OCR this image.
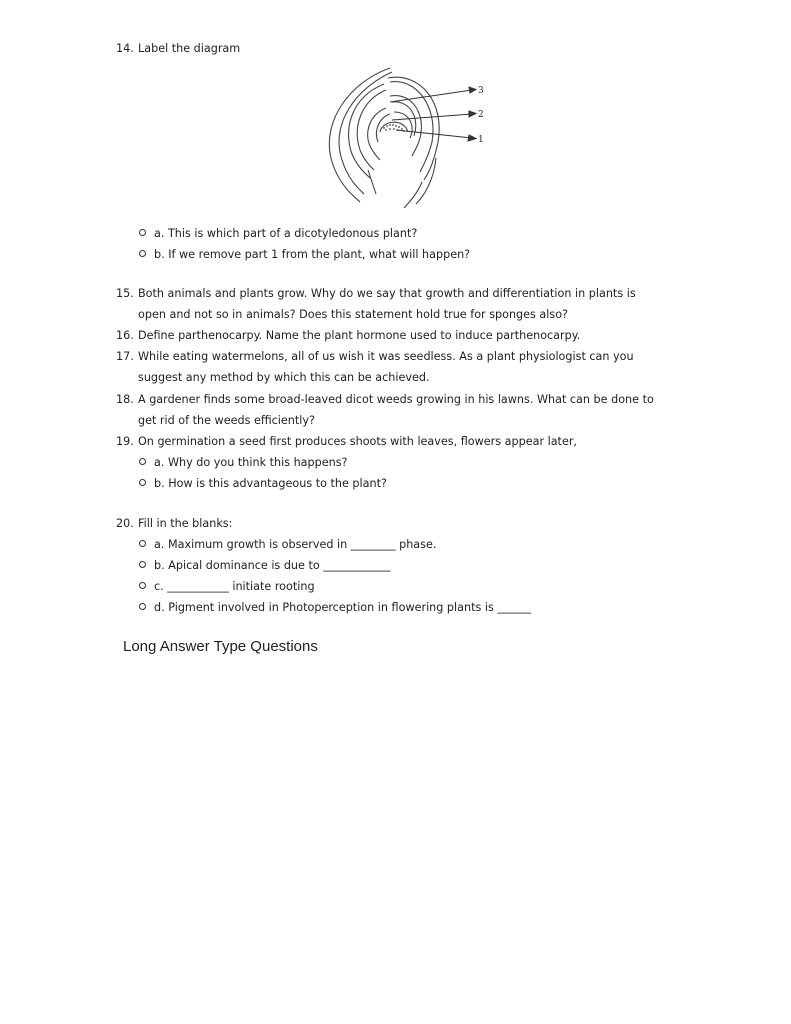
14. Label the diagram
3
2
1
a. This is which part of a dicotyledonous plant?
b. If we remove part 1 from the plant, what will happen?
15. Both animals and plants grow. Why do we say that growth and differentiation in plants is
open and not so in animals? Does this statement hold true for sponges also?
16. Define parthenocarpy. Name the plant hormone used to induce parthenocarpy.
17. While eating watermelons, all of us wish it was seedless. As a plant physiologist can you
suggest any method by which this can be achieved.
18. A gardener finds some broad-leaved dicot weeds growing in his lawns. What can be done to
get rid of the weeds efficiently?
19. On germination a seed first produces shoots with leaves, flowers appear later,
a. Why do you think this happens?
b. How is this advantageous to the plant?
20. Fill in the blanks:
a. Maximum growth is observed in ________ phase.
b. Apical dominance is due to ____________
c. ___________ initiate rooting
d. Pigment involved in Photoperception in flowering plants is ______
Long Answer Type Questions
